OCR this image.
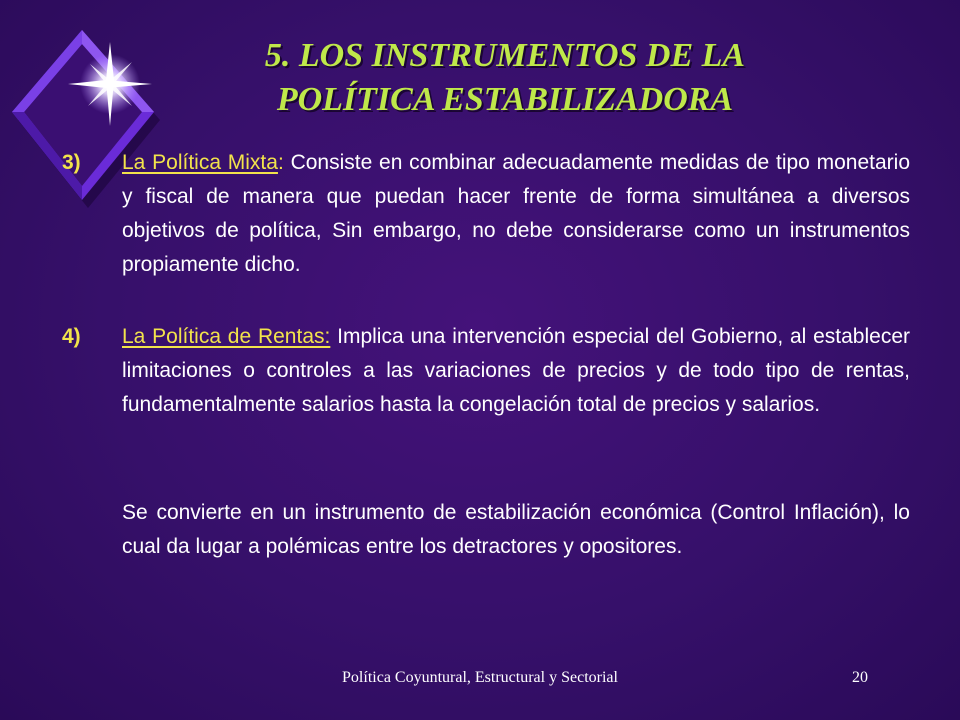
5. LOS INSTRUMENTOS DE LA
POLÍTICA ESTABILIZADORA
3) La Política Mixta: Consiste en combinar adecuadamente medidas de tipo monetario y fiscal de manera que puedan hacer frente de forma simultánea a diversos objetivos de política, Sin embargo, no debe considerarse como un instrumentos propiamente dicho.

4) La Política de Rentas: Implica una intervención especial del Gobierno, al establecer limitaciones o controles a las variaciones de precios y de todo tipo de rentas, fundamentalmente salarios hasta la congelación total de precios y salarios.

Se convierte en un instrumento de estabilización económica (Control Inflación), lo cual da lugar a polémicas entre los detractores y opositores.

Política Coyuntural, Estructural y Sectorial	20
